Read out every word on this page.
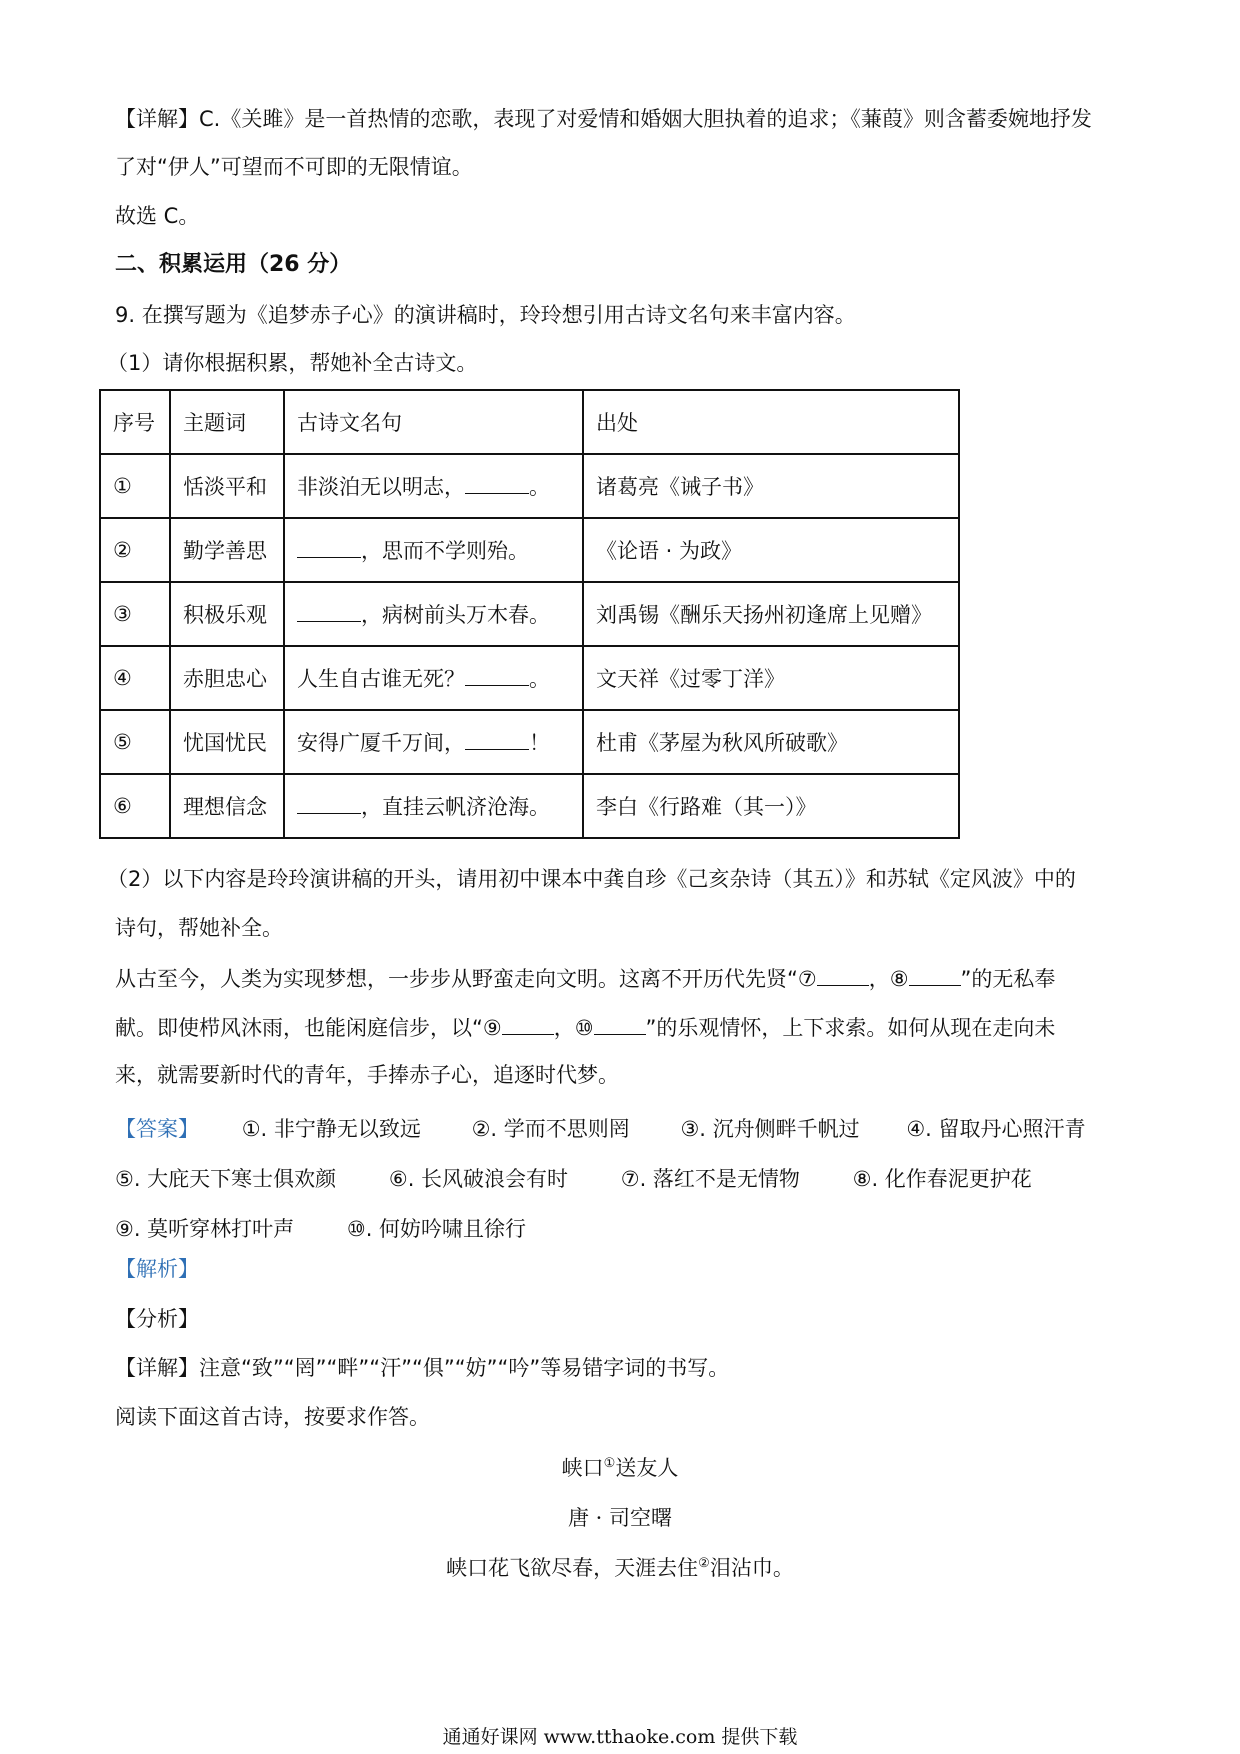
【详解】C.《关雎》是一首热情的恋歌，表现了对爱情和婚姻大胆执着的追求；《蒹葭》则含蓄委婉地抒发
了对“伊人”可望而不可即的无限情谊。
故选 C。
二、积累运用（26 分）
9. 在撰写题为《追梦赤子心》的演讲稿时，玲玲想引用古诗文名句来丰富内容。
（1）请你根据积累，帮她补全古诗文。
序号	主题词	古诗文名句	出处
①	恬淡平和	非淡泊无以明志， 。	诸葛亮《诫子书》
②	勤学善思	，思而不学则殆。	《论语 · 为政》
③	积极乐观	，病树前头万木春。	刘禹锡《酬乐天扬州初逢席上见赠》
④	赤胆忠心	人生自古谁无死？ 。	文天祥《过零丁洋》
⑤	忧国忧民	安得广厦千万间， ！	杜甫《茅屋为秋风所破歌》
⑥	理想信念	，直挂云帆济沧海。	李白《行路难（其一）》
（2）以下内容是玲玲演讲稿的开头，请用初中课本中龚自珍《己亥杂诗（其五）》和苏轼《定风波》中的
诗句，帮她补全。
从古至今，人类为实现梦想，一步步从野蛮走向文明。这离不开历代先贤“⑦ ，⑧ ”的无私奉
献。即使栉风沐雨，也能闲庭信步，以“⑨ ，⑩ ”的乐观情怀，上下求索。如何从现在走向未
来，就需要新时代的青年，手捧赤子心，追逐时代梦。
【答案】 ①. 非宁静无以致远 ②. 学而不思则罔 ③. 沉舟侧畔千帆过 ④. 留取丹心照汗青
⑤. 大庇天下寒士俱欢颜	⑥. 长风破浪会有时	⑦. 落红不是无情物	⑧. 化作春泥更护花
⑨. 莫听穿林打叶声	⑩. 何妨吟啸且徐行
【解析】
【分析】
【详解】注意“致”“罔”“畔”“汗”“俱”“妨”“吟”等易错字词的书写。
阅读下面这首古诗，按要求作答。
峡口①送友人
唐 · 司空曙
峡口花飞欲尽春，天涯去住②泪沾巾。
通通好课网 www.tthaoke.com 提供下载
